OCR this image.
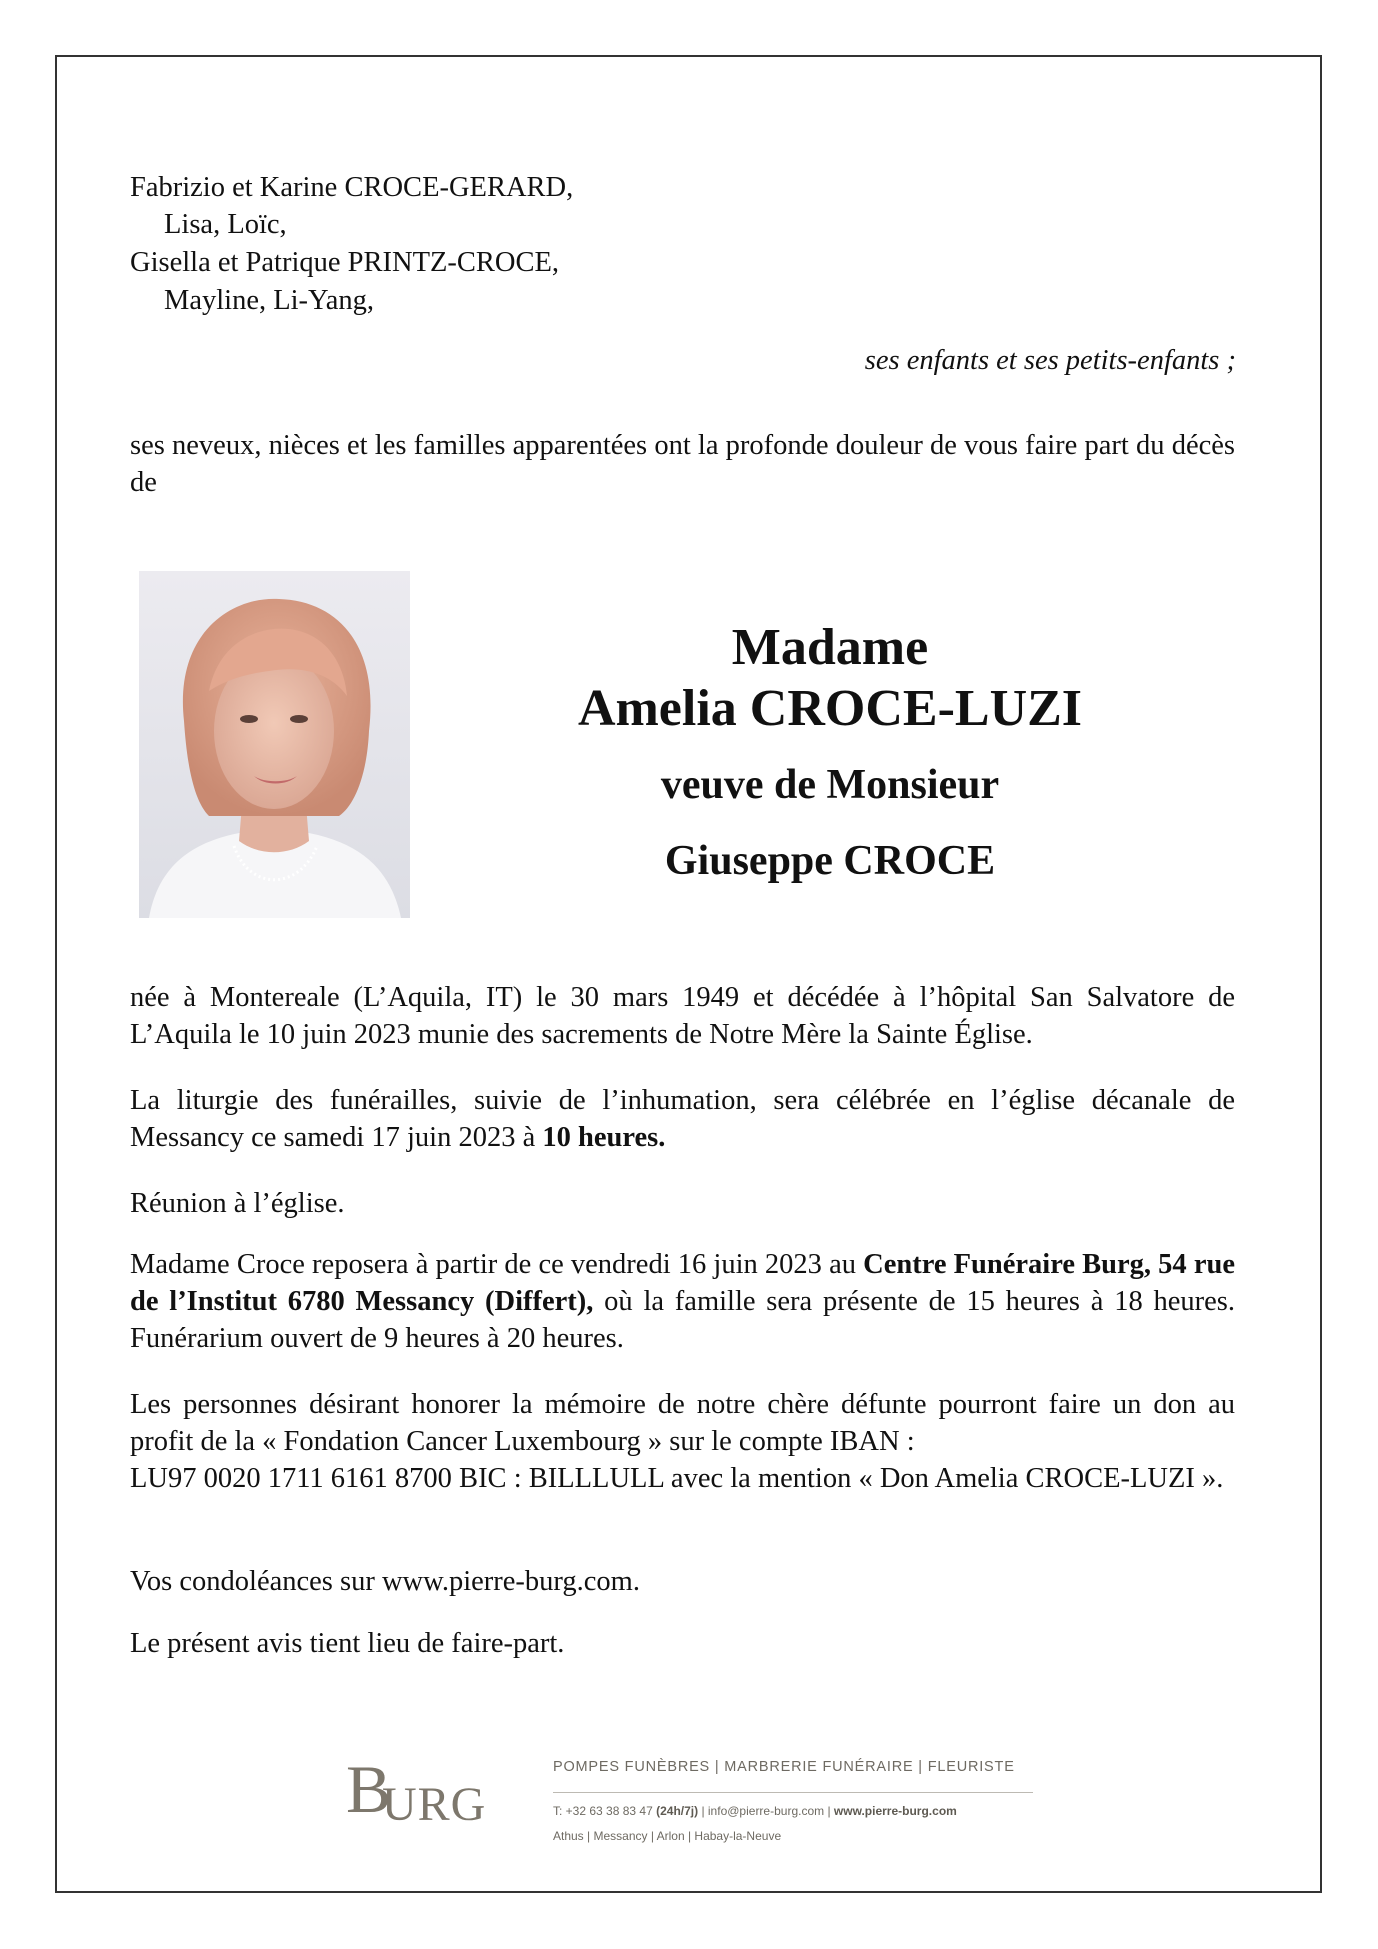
Fabrizio et Karine CROCE-GERARD,
Lisa, Loïc,
Gisella et Patrique PRINTZ-CROCE,
Mayline, Li-Yang,
ses enfants et ses petits-enfants ;
ses neveux, nièces et les familles apparentées ont la profonde douleur de vous faire part du décès de
Madame
Amelia CROCE-LUZI
veuve de Monsieur
Giuseppe CROCE
née à Montereale (L’Aquila, IT) le 30 mars 1949 et décédée à l’hôpital San Salvatore de L’Aquila le 10 juin 2023 munie des sacrements de Notre Mère la Sainte Église.
La liturgie des funérailles, suivie de l’inhumation, sera célébrée en l’église décanale de Messancy ce samedi 17 juin 2023 à 10 heures.
Réunion à l’église.
Madame Croce reposera à partir de ce vendredi 16 juin 2023 au Centre Funéraire Burg, 54 rue de l’Institut 6780 Messancy (Differt), où la famille sera présente de 15 heures à 18 heures. Funérarium ouvert de 9 heures à 20 heures.
Les personnes désirant honorer la mémoire de notre chère défunte pourront faire un don au profit de la « Fondation Cancer Luxembourg » sur le compte IBAN :
LU97 0020 1711 6161 8700 BIC : BILLLULL avec la mention « Don Amelia CROCE-LUZI ».
Vos condoléances sur www.pierre-burg.com.
Le présent avis tient lieu de faire-part.
B
URG
POMPES FUNÈBRES | MARBRERIE FUNÉRAIRE | FLEURISTE
T: +32 63 38 83 47 (24h/7j) | info@pierre-burg.com | www.pierre-burg.com
Athus | Messancy | Arlon | Habay-la-Neuve
